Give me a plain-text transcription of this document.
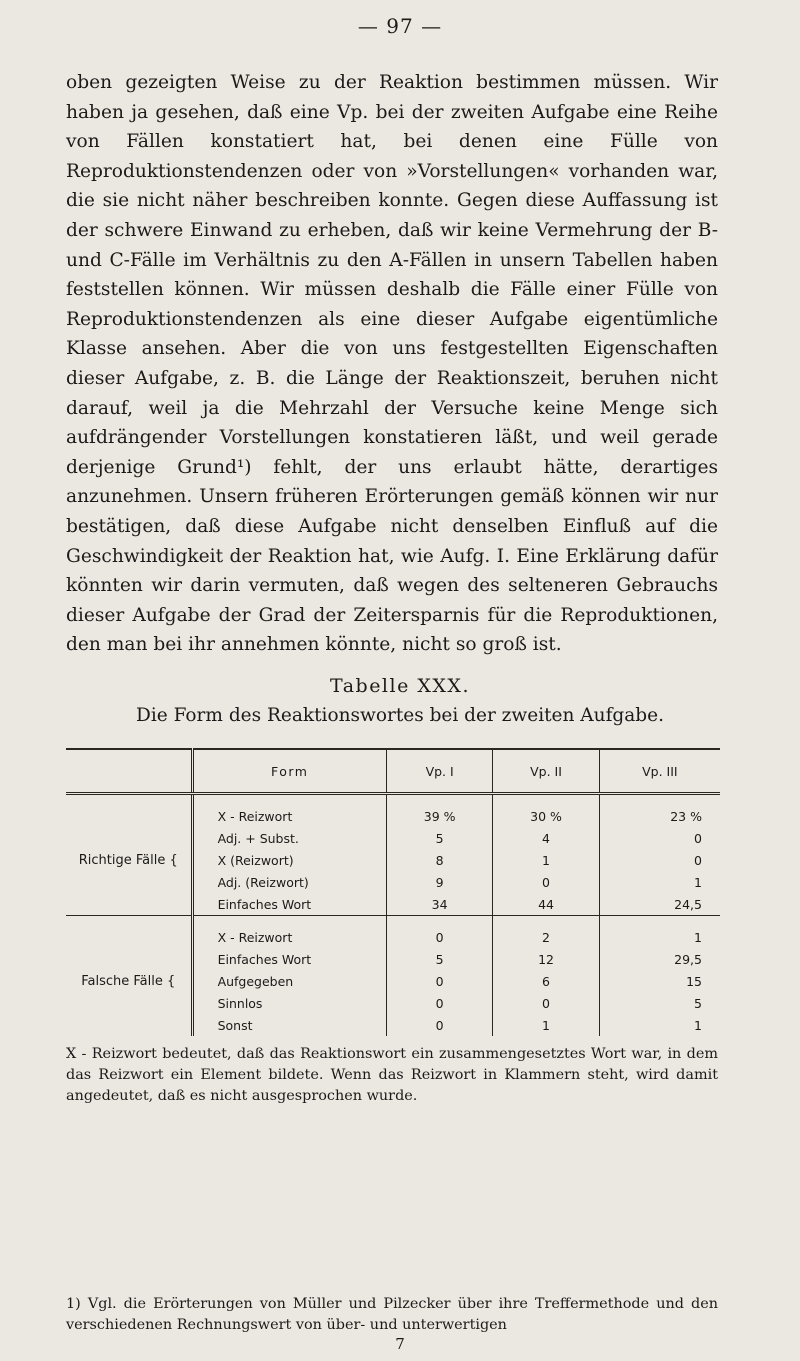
— 97 —

oben gezeigten Weise zu der Reaktion bestimmen müssen. Wir haben ja gesehen, daß eine Vp. bei der zweiten Aufgabe eine Reihe von Fällen konstatiert hat, bei denen eine Fülle von Reproduktionstendenzen oder von »Vorstellungen« vorhanden war, die sie nicht näher beschreiben konnte. Gegen diese Auffassung ist der schwere Einwand zu erheben, daß wir keine Vermehrung der B- und C-Fälle im Verhältnis zu den A-Fällen in unsern Tabellen haben feststellen können. Wir müssen deshalb die Fälle einer Fülle von Reproduktionstendenzen als eine dieser Aufgabe eigentümliche Klasse ansehen. Aber die von uns festgestellten Eigenschaften dieser Aufgabe, z. B. die Länge der Reaktionszeit, beruhen nicht darauf, weil ja die Mehrzahl der Versuche keine Menge sich aufdrängender Vorstellungen konstatieren läßt, und weil gerade derjenige Grund¹) fehlt, der uns erlaubt hätte, derartiges anzunehmen. Unsern früheren Erörterungen gemäß können wir nur bestätigen, daß diese Aufgabe nicht denselben Einfluß auf die Geschwindigkeit der Reaktion hat, wie Aufg. I. Eine Erklärung dafür könnten wir darin vermuten, daß wegen des selteneren Gebrauchs dieser Aufgabe der Grad der Zeitersparnis für die Reproduktionen, den man bei ihr annehmen könnte, nicht so groß ist.

Tabelle XXX.
Die Form des Reaktionswortes bei der zweiten Aufgabe.
	Form	Vp. I	Vp. II	Vp. III

Richtige Fälle {	X - Reizwort	39 %	30 %	23 %
	Adj. + Subst.	5	4	0
	X (Reizwort)	8	1	0
	Adj. (Reizwort)	9	0	1
	Einfaches Wort	34	44	24,5

Falsche Fälle {	X - Reizwort	0	2	1
	Einfaches Wort	5	12	29,5
	Aufgegeben	0	6	15
	Sinnlos	0	0	5
	Sonst	0	1	1
X - Reizwort bedeutet, daß das Reaktionswort ein zusammengesetztes Wort war, in dem das Reizwort ein Element bildete. Wenn das Reizwort in Klammern steht, wird damit angedeutet, daß es nicht ausgesprochen wurde.
1) Vgl. die Erörterungen von Müller und Pilzecker über ihre Treffermethode und den verschiedenen Rechnungswert von über- und unterwertigen
7
